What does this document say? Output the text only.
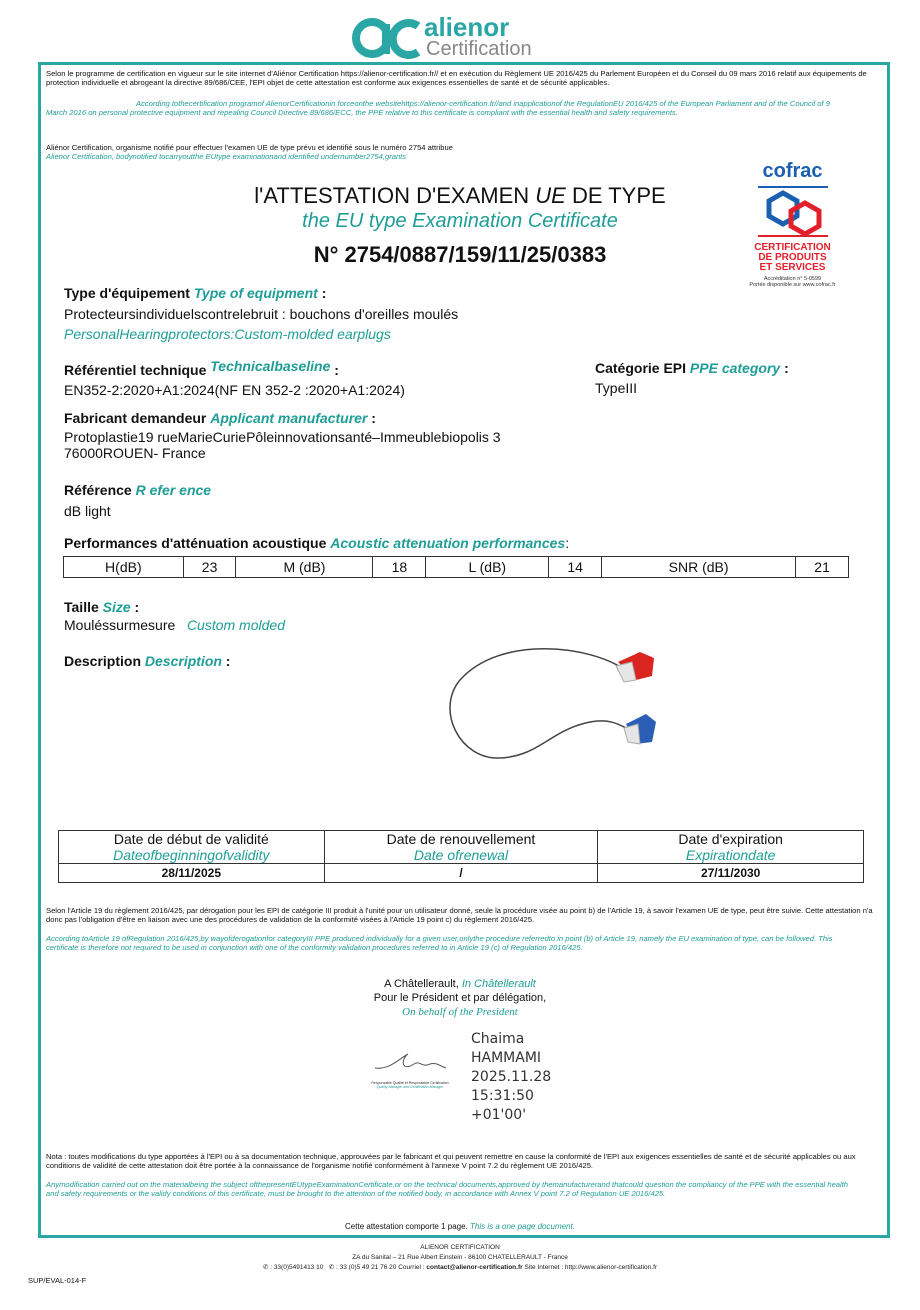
alienor
Certification
Selon le programme de certification en vigueur sur le site internet d'Aliénor Certification https://alienor-certification.fr// et en exécution du Règlement UE 2016/425 du Parlement Européen et du Conseil du 09 mars 2016 relatif aux équipements de protection individuelle et abrogeant la directive 89/686/CEE, l'EPI objet de cette attestation est conforme aux exigences essentielles de santé et de sécurité applicables.
According tothecertification programof AlienorCertificationin forceonthe websitehttps://alienor-certification.fr//and inapplicationof the RegulationEU 2016/425 of the European Parliament and of the Council of 9 March 2016 on personal protective equipment and repealing Council Directive 89/686/ECC, the PPE relative to this certificate is compliant with the essential health and safety requirements.
Aliénor Certification, organisme notifié pour effectuer l'examen UE de type prévu et identifié sous le numéro 2754 attribue
Alienor Certification, bodynotified tocarryoutthe EUtype examinationand identified undernumber2754,grants
cofrac
CERTIFICATION
DE PRODUITS
ET SERVICES
Accréditation n° 5-0599
Portée disponible sur www.cofrac.fr
l'ATTESTATION D'EXAMEN UE DE TYPE
the EU type Examination Certificate
N° 2754/0887/159/11/25/0383
Type d'équipement Type of equipment :
Protecteursindividuelscontrelebruit : bouchons d'oreilles moulés
PersonalHearingprotectors:Custom-molded earplugs
Référentiel technique Technicalbaseline :
EN352-2:2020+A1:2024(NF EN 352-2 :2020+A1:2024)
Catégorie EPI PPE category :
TypeIII
Fabricant demandeur Applicant manufacturer :
Protoplastie19 rueMarieCuriePôleinnovationsanté–Immeublebiopolis 3
76000ROUEN- France
Référence R efer ence
dB light
Performances d'atténuation acoustique Acoustic attenuation performances:
H(dB)	23	M (dB)	18	L (dB)	14	SNR (dB)	21
Taille Size :
Mouléssurmesure Custom molded
Description Description :
Date de début de validité	Date de renouvellement	Date d'expiration
Dateofbeginningofvalidity	Date ofrenewal	Expirationdate
28/11/2025	/	27/11/2030
Selon l'Article 19 du règlement 2016/425, par dérogation pour les EPI de catégorie III produit à l'unité pour un utilisateur donné, seule la procédure visée au point b) de l'Article 19, à savoir l'examen UE de type, peut être suivie. Cette attestation n'a donc pas l'obligation d'être en liaison avec une des procédures de validation de la conformité visées à l'Article 19 point c) du règlement 2016/425.
According toArticle 19 ofRegulation 2016/425,by wayofderogationfor categoryIII PPE produced individually for a given user,onlythe procedure referredto in point (b) of Article 19, namely the EU examination of type, can be followed. This certificate is therefore not required to be used in conjunction with one of the conformity validation procedures referred to in Article 19 (c) of Regulation 2016/425.
A Châtellerault, In Châtellerault
Pour le Président et par délégation,
On behalf of the President
Responsable Qualité et Responsable Certification
Quality Manager and Certification Manager
Chaima
HAMMAMI
2025.11.28
15:31:50
+01'00'
Nota : toutes modifications du type apportées à l'EPI ou à sa documentation technique, approuvées par le fabricant et qui peuvent remettre en cause la conformité de l'EPI aux exigences essentielles de santé et de sécurité applicables ou aux conditions de validité de cette attestation doit être portée à la connaissance de l'organisme notifié conformément à l'annexe V point 7.2 du règlement UE 2016/425.
Anymodification carried out on the materialbeing the subject ofthepresentEUtypeExaminationCertificate,or on the technical documents,approved by themanufacturerand thatcould question the compliancy of the PPE with the essential health and safety requirements or the validy conditions of this certificate, must be brought to the attention of the notified body, in accordance with Annex V point 7.2 of Regulation UE 2016/425.
Cette attestation comporte 1 page. This is a one page document.
ALIENOR CERTIFICATION
ZA du Sanital – 21 Rue Albert Einstein - 86100 CHATELLERAULT - France
✆ : 33(0)5491413 10 ✆ : 33 (0)5 49 21 76 20 Courriel : contact@alienor-certification.fr Site Internet : http://www.alienor-certification.fr
SUP/EVAL-014-F
